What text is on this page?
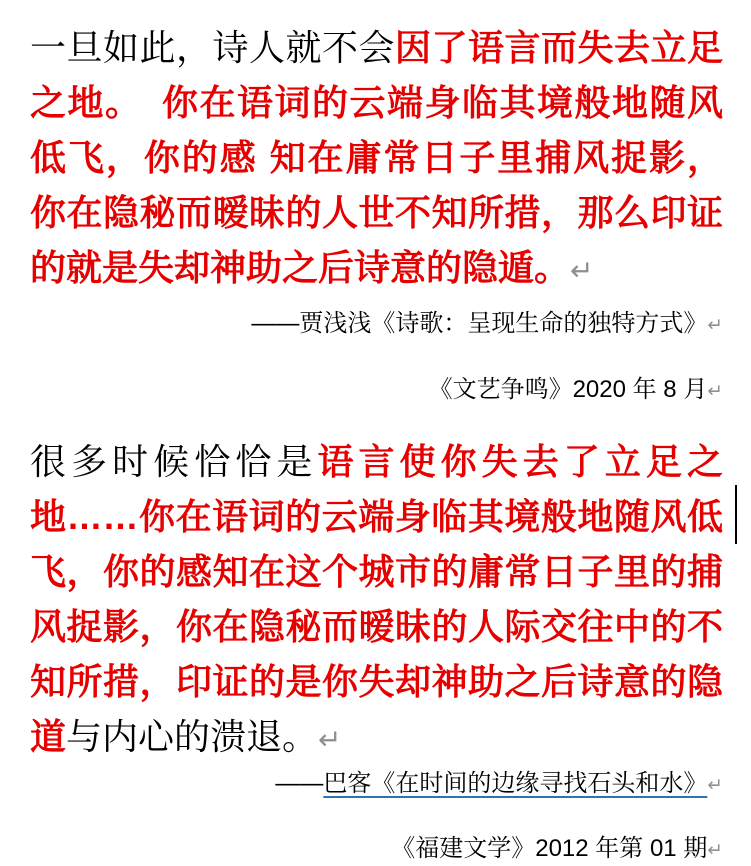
一旦如此，诗人就不会因了语言而失去立足之地。　你在语词的云端身临其境般地随风低飞，你的感 知在庸常日子里捕风捉影，你在隐秘而暧昧的人世不知所措，那么印证的就是失却神助之后诗意的隐遁。↵

——贾浅浅《诗歌：呈现生命的独特方式》↵

《文艺争鸣》2020 年 8 月↵

很多时候恰恰是语言使你失去了立足之地……你在语词的云端身临其境般地随风低飞，你的感知在这个城市的庸常日子里的捕风捉影，你在隐秘而暧昧的人际交往中的不知所措，印证的是你失却神助之后诗意的隐道与内心的溃退。↵

——巴客《在时间的边缘寻找石头和水》↵

《福建文学》2012 年第 01 期↵
